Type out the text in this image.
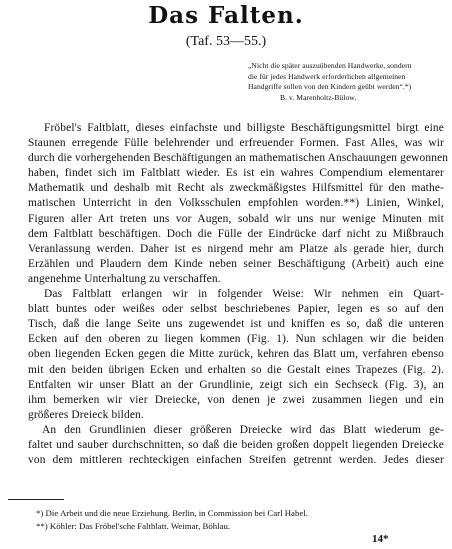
Das Falten.
(Taf. 53—55.)
„Nicht die später auszuübenden Handwerke, sondern
die für jedes Handwerk erforderlichen allgemeinen
Handgriffe sollen von den Kindern geübt werden“.*)
B. v. Marenholtz-Bülow.
Fröbel's Faltblatt, dieses einfachste und billigste Beschäftigungsmittel birgt eine
Staunen erregende Fülle belehrender und erfreuender Formen. Fast Alles, was wir
durch die vorhergehenden Beschäftigungen an mathematischen Anschauungen gewonnen
haben, findet sich im Faltblatt wieder. Es ist ein wahres Compendium elementarer
Mathematik und deshalb mit Recht als zweckmäßigstes Hilfsmittel für den mathe-
matischen Unterricht in den Volksschulen empfohlen worden.**) Linien, Winkel,
Figuren aller Art treten uns vor Augen, sobald wir uns nur wenige Minuten mit
dem Faltblatt beschäftigen. Doch die Fülle der Eindrücke darf nicht zu Mißbrauch
Veranlassung werden. Daher ist es nirgend mehr am Platze als gerade hier, durch
Erzählen und Plaudern dem Kinde neben seiner Beschäftigung (Arbeit) auch eine
angenehme Unterhaltung zu verschaffen.
Das Faltblatt erlangen wir in folgender Weise: Wir nehmen ein Quart-
blatt buntes oder weißes oder selbst beschriebenes Papier, legen es so auf den
Tisch, daß die lange Seite uns zugewendet ist und kniffen es so, daß die unteren
Ecken auf den oberen zu liegen kommen (Fig. 1). Nun schlagen wir die beiden
oben liegenden Ecken gegen die Mitte zurück, kehren das Blatt um, verfahren ebenso
mit den beiden übrigen Ecken und erhalten so die Gestalt eines Trapezes (Fig. 2).
Entfalten wir unser Blatt an der Grundlinie, zeigt sich ein Sechseck (Fig. 3), an
ihm bemerken wir vier Dreiecke, von denen je zwei zusammen liegen und ein
größeres Dreieck bilden.
An den Grundlinien dieser größeren Dreiecke wird das Blatt wiederum ge-
faltet und sauber durchschnitten, so daß die beiden großen doppelt liegenden Dreiecke
von dem mittleren rechteckigen einfachen Streifen getrennt werden. Jedes dieser
*) Die Arbeit und die neue Erziehung. Berlin, in Commission bei Carl Habel.
**) Köhler: Das Fröbel'sche Faltblatt. Weimar, Böhlau.
14*
